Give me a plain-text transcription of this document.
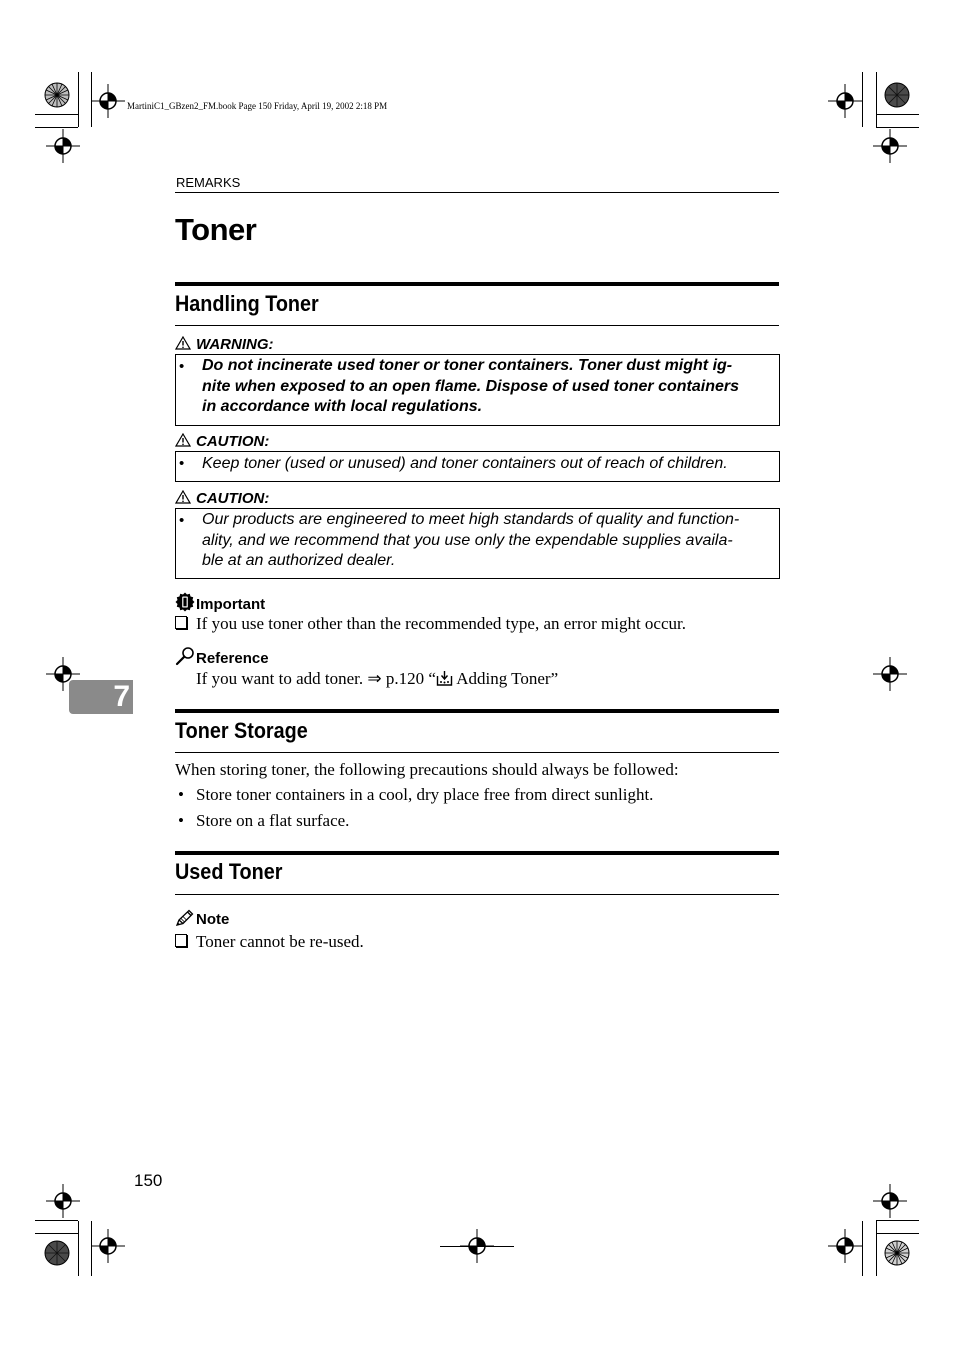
MartiniC1_GBzen2_FM.book Page 150 Friday, April 19, 2002 2:18 PM
REMARKS
Toner
Handling Toner
WARNING:
• Do not incinerate used toner or toner containers. Toner dust might ig-
nite when exposed to an open flame. Dispose of used toner containers
in accordance with local regulations.
CAUTION:
• Keep toner (used or unused) and toner containers out of reach of children.
CAUTION:
• Our products are engineered to meet high standards of quality and function-
ality, and we recommend that you use only the expendable supplies availa-
ble at an authorized dealer.
Important
If you use toner other than the recommended type, an error might occur.
Reference
If you want to add toner. ⇒ p.120 “ Adding Toner”
7
Toner Storage
When storing toner, the following precautions should always be followed:
• Store toner containers in a cool, dry place free from direct sunlight.
• Store on a flat surface.
Used Toner
Note
Toner cannot be re-used.
150
